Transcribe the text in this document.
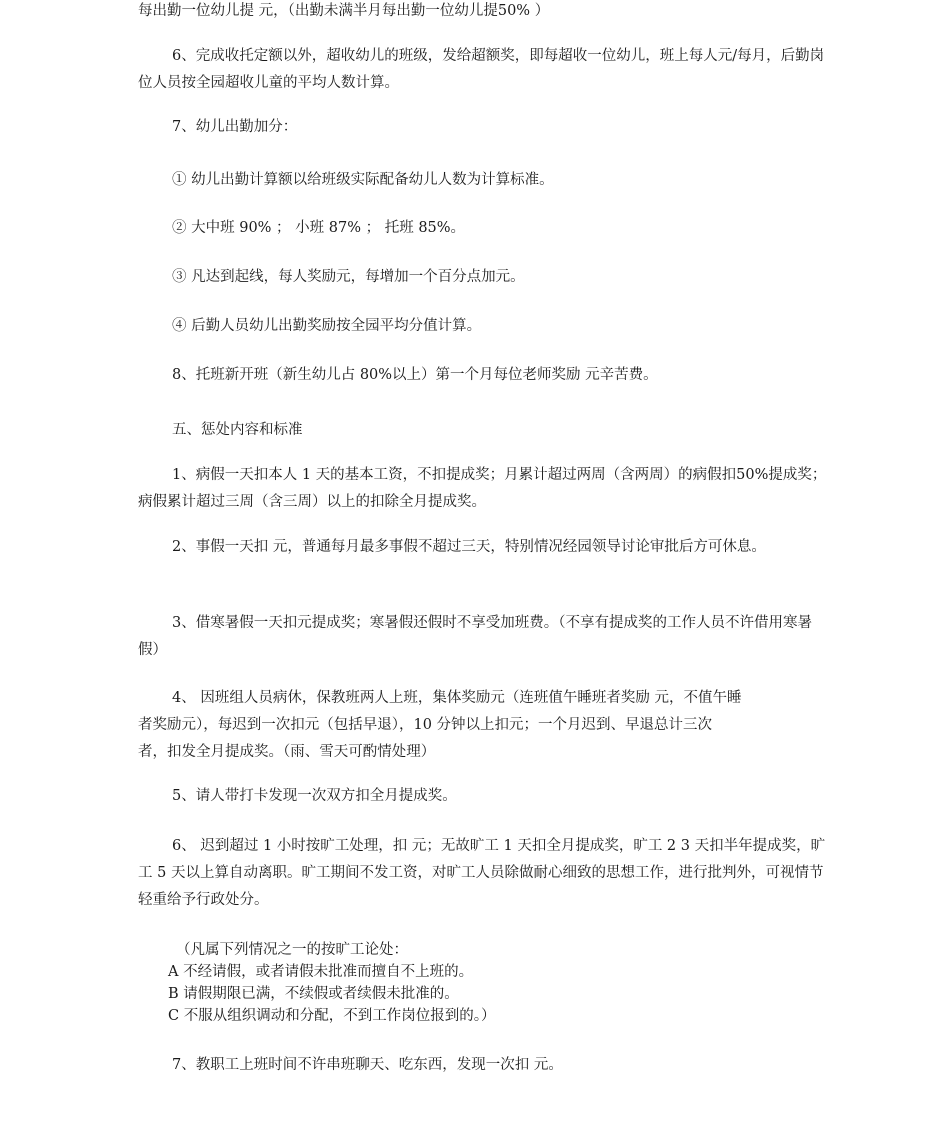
每出勤一位幼儿提 元，（出勤未满半月每出勤一位幼儿提50% ）

6、完成收托定额以外，超收幼儿的班级，发给超额奖，即每超收一位幼儿，班上每人元/每月，后勤岗位人员按全园超收儿童的平均人数计算。

7、幼儿出勤加分：

① 幼儿出勤计算额以给班级实际配备幼儿人数为计算标准。

② 大中班 90% ； 小班 87% ； 托班 85%。

③ 凡达到起线，每人奖励元，每增加一个百分点加元。

④ 后勤人员幼儿出勤奖励按全园平均分值计算。

8、托班新开班（新生幼儿占 80%以上）第一个月每位老师奖励 元辛苦费。

五、惩处内容和标准

1、病假一天扣本人 1 天的基本工资，不扣提成奖；月累计超过两周（含两周）的病假扣50%提成奖；病假累计超过三周（含三周）以上的扣除全月提成奖。

2、事假一天扣 元，普通每月最多事假不超过三天，特别情况经园领导讨论审批后方可休息。

3、借寒暑假一天扣元提成奖；寒暑假还假时不享受加班费。（不享有提成奖的工作人员不许借用寒暑假）

4、 因班组人员病休，保教班两人上班，集体奖励元（连班值午睡班者奖励 元，不值午睡
者奖励元），每迟到一次扣元（包括早退），10 分钟以上扣元；一个月迟到、早退总计三次
者，扣发全月提成奖。（雨、雪天可酌情处理）

5、请人带打卡发现一次双方扣全月提成奖。

6、 迟到超过 1 小时按旷工处理，扣 元；无故旷工 1 天扣全月提成奖，旷工 2 3 天扣半年提成奖，旷工 5 天以上算自动离职。旷工期间不发工资，对旷工人员除做耐心细致的思想工作，进行批判外，可视情节轻重给予行政处分。

（凡属下列情况之一的按旷工论处：
A 不经请假，或者请假未批准而擅自不上班的。
B 请假期限已满，不续假或者续假未批准的。
C 不服从组织调动和分配，不到工作岗位报到的。）

7、教职工上班时间不许串班聊天、吃东西，发现一次扣 元。
